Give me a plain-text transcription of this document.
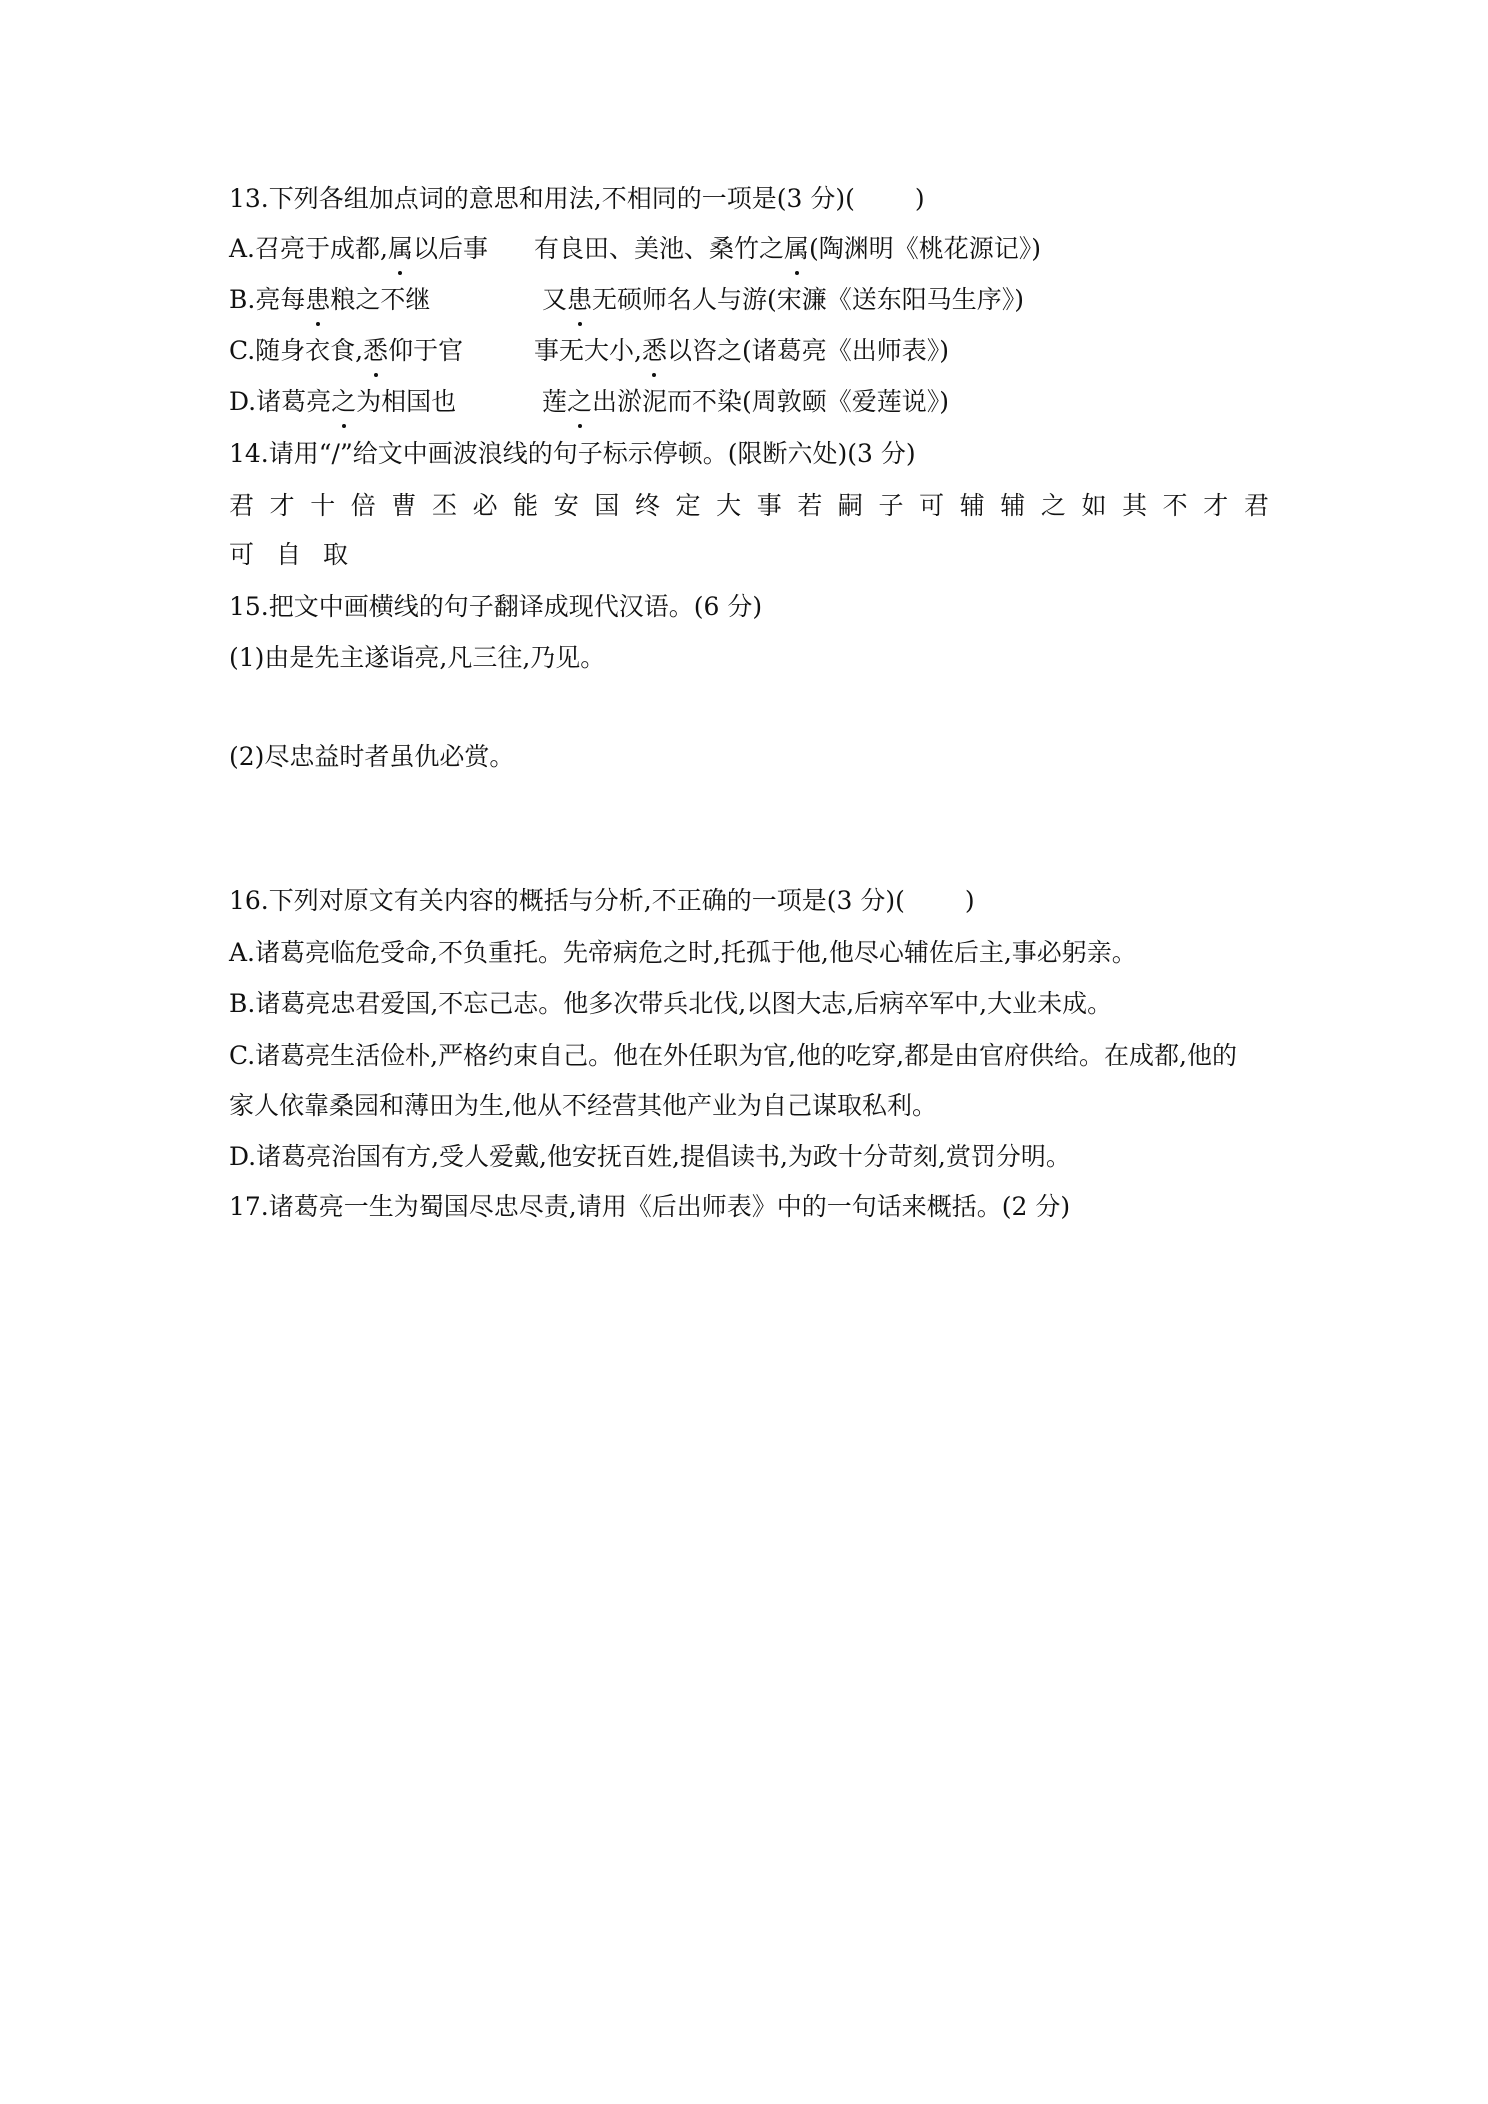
13.下列各组加点词的意思和用法,不相同的一项是(3 分)( )
A.召亮于成都,属以后事 有良田、美池、桑竹之属(陶渊明《桃花源记》)
B.亮每患粮之不继	又患无硕师名人与游(宋濂《送东阳马生序》)
C.随身衣食,悉仰于官	事无大小,悉以咨之(诸葛亮《出师表》)
D.诸葛亮之为相国也	莲之出淤泥而不染(周敦颐《爱莲说》)
14.请用“/”给文中画波浪线的句子标示停顿。(限断六处)(3 分)
君 才 十 倍 曹 丕 必 能 安 国 终 定 大 事 若 嗣 子 可 辅 辅 之 如 其 不 才 君
可 自 取
15.把文中画横线的句子翻译成现代汉语。(6 分)
(1)由是先主遂诣亮,凡三往,乃见。
(2)尽忠益时者虽仇必赏。
16.下列对原文有关内容的概括与分析,不正确的一项是(3 分)( )
A.诸葛亮临危受命,不负重托。先帝病危之时,托孤于他,他尽心辅佐后主,事必躬亲。
B.诸葛亮忠君爱国,不忘己志。他多次带兵北伐,以图大志,后病卒军中,大业未成。
C.诸葛亮生活俭朴,严格约束自己。他在外任职为官,他的吃穿,都是由官府供给。在成都,他的
家人依靠桑园和薄田为生,他从不经营其他产业为自己谋取私利。
D.诸葛亮治国有方,受人爱戴,他安抚百姓,提倡读书,为政十分苛刻,赏罚分明。
17.诸葛亮一生为蜀国尽忠尽责,请用《后出师表》中的一句话来概括。(2 分)
